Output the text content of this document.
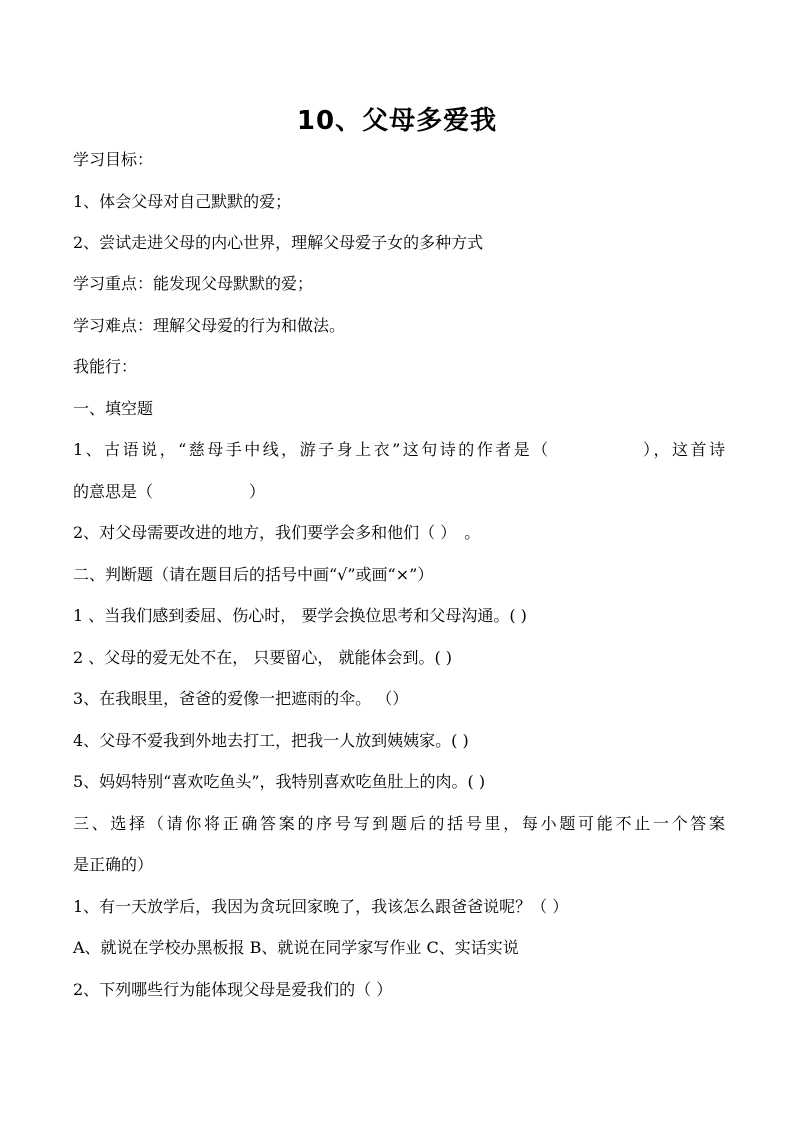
10、父母多爱我
学习目标：
1、体会父母对自己默默的爱；
2、尝试走进父母的内心世界，理解父母爱子女的多种方式
学习重点：能发现父母默默的爱；
学习难点：理解父母爱的行为和做法。
我能行：
一、填空题
1、古语说，“慈母手中线，游子身上衣”这句诗的作者是（　　　　　），这首诗
的意思是（　　　　　　）
2、对父母需要改进的地方，我们要学会多和他们（ ）　。
二、判断题（请在题目后的括号中画“√”或画“×”）
1 、当我们感到委屈、伤心时， 要学会换位思考和父母沟通。( )
2 、父母的爱无处不在， 只要留心， 就能体会到。( )
3、在我眼里，爸爸的爱像一把遮雨的伞。 （）
4、父母不爱我到外地去打工，把我一人放到姨姨家。( )
5、妈妈特别“喜欢吃鱼头”，我特别喜欢吃鱼肚上的肉。( )
三、选择（请你将正确答案的序号写到题后的括号里，每小题可能不止一个答案
是正确的）
1、有一天放学后，我因为贪玩回家晚了，我该怎么跟爸爸说呢？（ ）
A、就说在学校办黑板报 B、就说在同学家写作业 C、实话实说
2、下列哪些行为能体现父母是爱我们的（ ）
